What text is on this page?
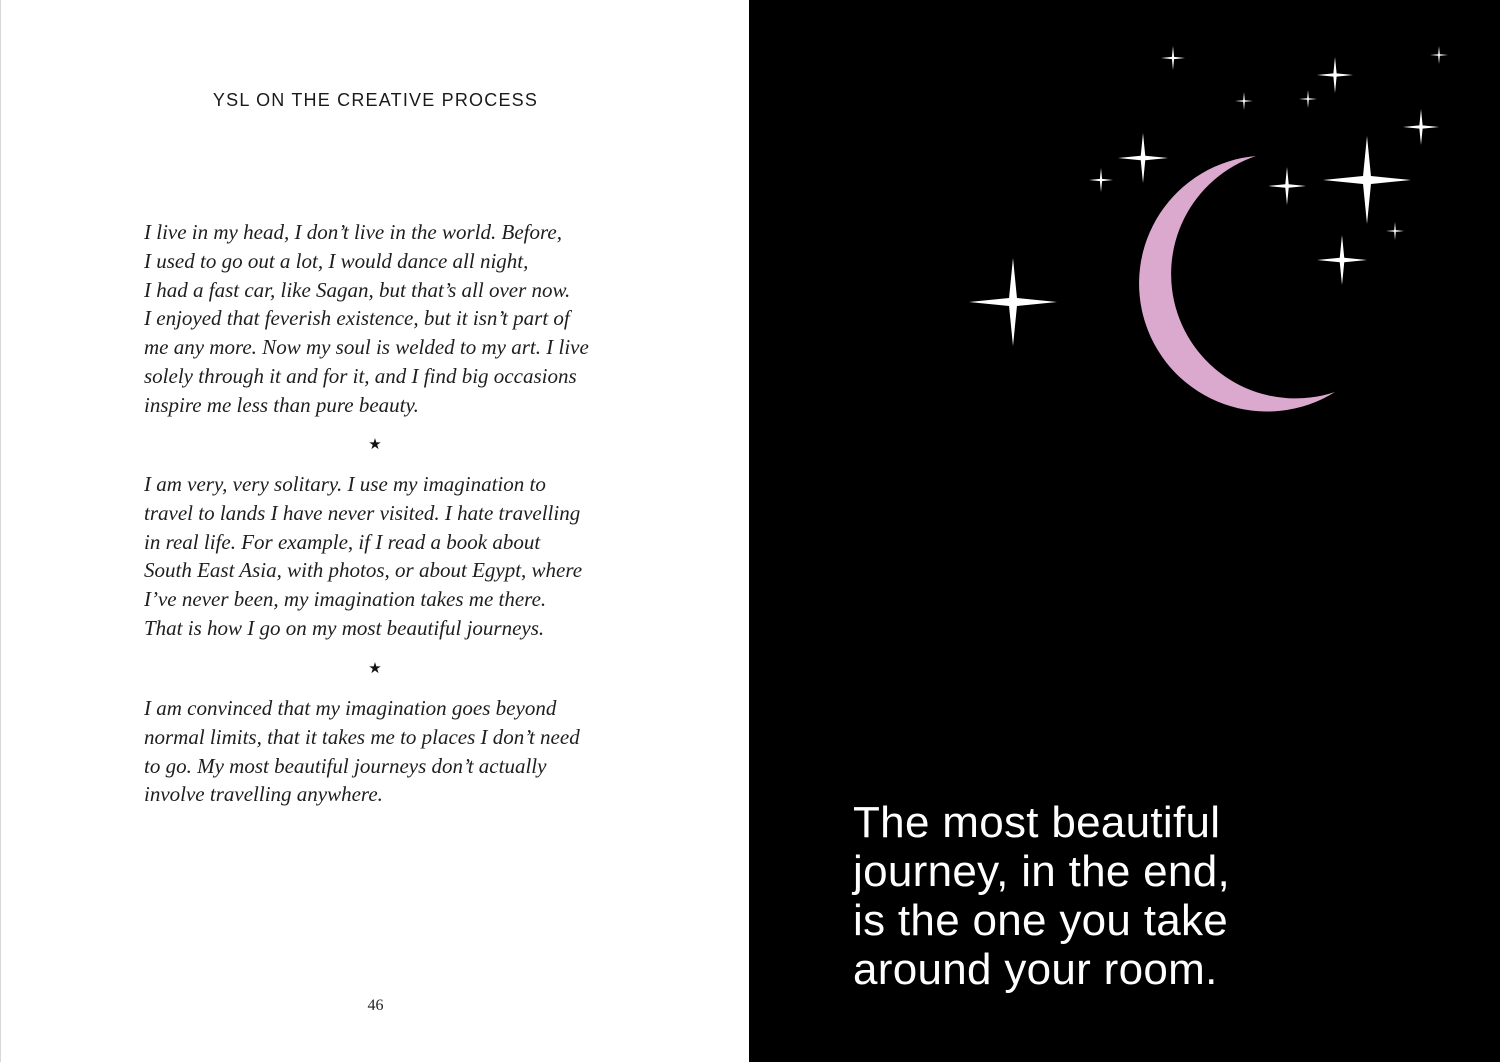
YSL ON THE CREATIVE PROCESS

I live in my head, I don’t live in the world. Before,
I used to go out a lot, I would dance all night,
I had a fast car, like Sagan, but that’s all over now.
I enjoyed that feverish existence, but it isn’t part of
me any more. Now my soul is welded to my art. I live
solely through it and for it, and I find big occasions
inspire me less than pure beauty.

★

I am very, very solitary. I use my imagination to
travel to lands I have never visited. I hate travelling
in real life. For example, if I read a book about
South East Asia, with photos, or about Egypt, where
I’ve never been, my imagination takes me there.
That is how I go on my most beautiful journeys.

★

I am convinced that my imagination goes beyond
normal limits, that it takes me to places I don’t need
to go. My most beautiful journeys don’t actually
involve travelling anywhere.

46

The most beautiful
journey, in the end,
is the one you take
around your room.
